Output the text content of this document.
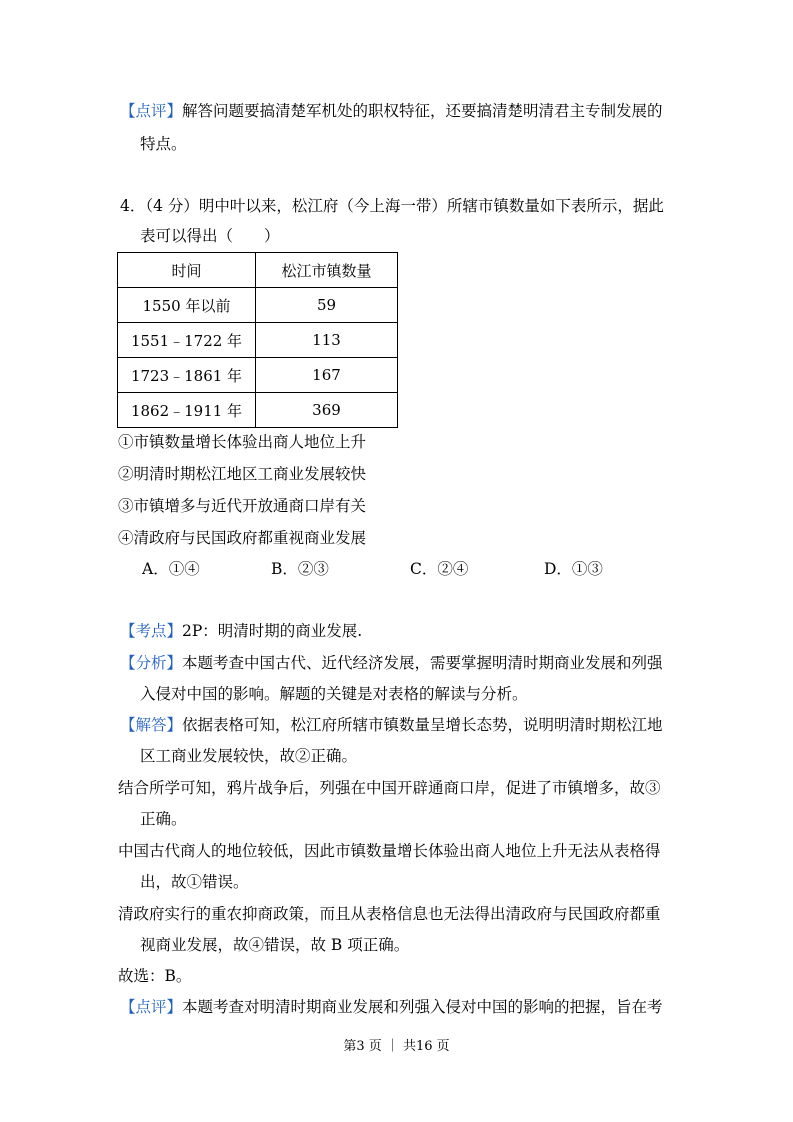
【点评】解答问题要搞清楚军机处的职权特征，还要搞清楚明清君主专制发展的
特点。
4．（4 分）明中叶以来，松江府（今上海一带）所辖市镇数量如下表所示，据此
表可以得出（　　）
时间	松江市镇数量
1550 年以前	59
1551﹣1722 年	113
1723﹣1861 年	167
1862﹣1911 年	369
①市镇数量增长体验出商人地位上升
②明清时期松江地区工商业发展较快
③市镇增多与近代开放通商口岸有关
④清政府与民国政府都重视商业发展
A．①④	B．②③	C．②④	D．①③
【考点】2P：明清时期的商业发展.
【分析】本题考查中国古代、近代经济发展，需要掌握明清时期商业发展和列强
入侵对中国的影响。解题的关键是对表格的解读与分析。
【解答】依据表格可知，松江府所辖市镇数量呈增长态势，说明明清时期松江地
区工商业发展较快，故②正确。
结合所学可知，鸦片战争后，列强在中国开辟通商口岸，促进了市镇增多，故③
正确。
中国古代商人的地位较低，因此市镇数量增长体验出商人地位上升无法从表格得
出，故①错误。
清政府实行的重农抑商政策，而且从表格信息也无法得出清政府与民国政府都重
视商业发展，故④错误，故 B 项正确。
故选：B。
【点评】本题考查对明清时期商业发展和列强入侵对中国的影响的把握，旨在考
第3 页 ｜ 共16 页
